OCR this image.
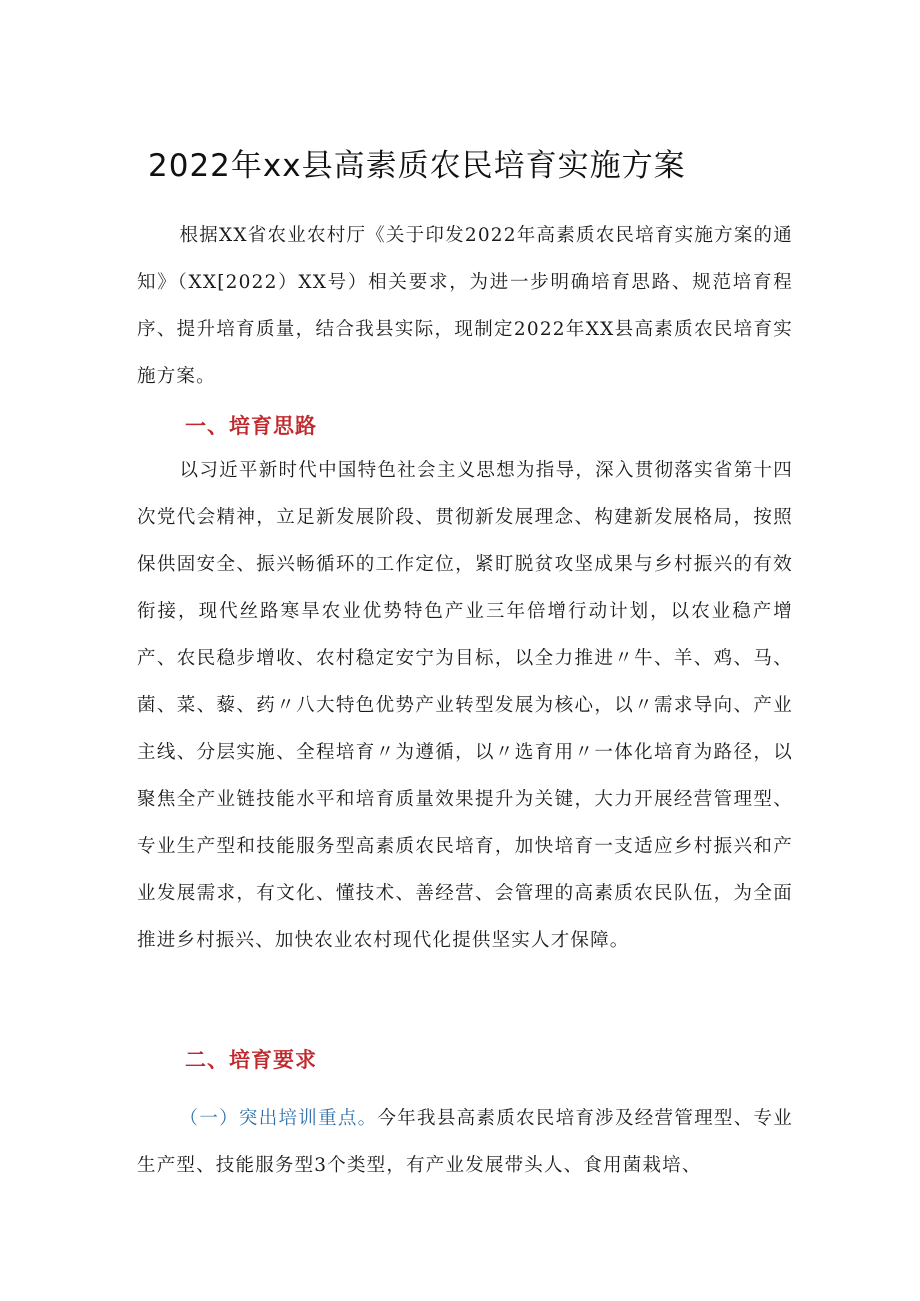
2022年xx县高素质农民培育实施方案

根据XX省农业农村厅《关于印发2022年高素质农民培育实施方案的通知》（XX[2022）XX号）相关要求，为进一步明确培育思路、规范培育程序、提升培育质量，结合我县实际，现制定2022年XX县高素质农民培育实施方案。

一、培育思路

以习近平新时代中国特色社会主义思想为指导，深入贯彻落实省第十四次党代会精神，立足新发展阶段、贯彻新发展理念、构建新发展格局，按照保供固安全、振兴畅循环的工作定位，紧盯脱贫攻坚成果与乡村振兴的有效衔接，现代丝路寒旱农业优势特色产业三年倍增行动计划，以农业稳产增产、农民稳步增收、农村稳定安宁为目标，以全力推进〃牛、羊、鸡、马、菌、菜、藜、药〃八大特色优势产业转型发展为核心，以〃需求导向、产业主线、分层实施、全程培育〃为遵循，以〃选育用〃一体化培育为路径，以聚焦全产业链技能水平和培育质量效果提升为关键，大力开展经营管理型、专业生产型和技能服务型高素质农民培育，加快培育一支适应乡村振兴和产业发展需求，有文化、懂技术、善经营、会管理的高素质农民队伍，为全面推进乡村振兴、加快农业农村现代化提供坚实人才保障。

二、培育要求

（一）突出培训重点。今年我县高素质农民培育涉及经营管理型、专业生产型、技能服务型3个类型，有产业发展带头人、食用菌栽培、
